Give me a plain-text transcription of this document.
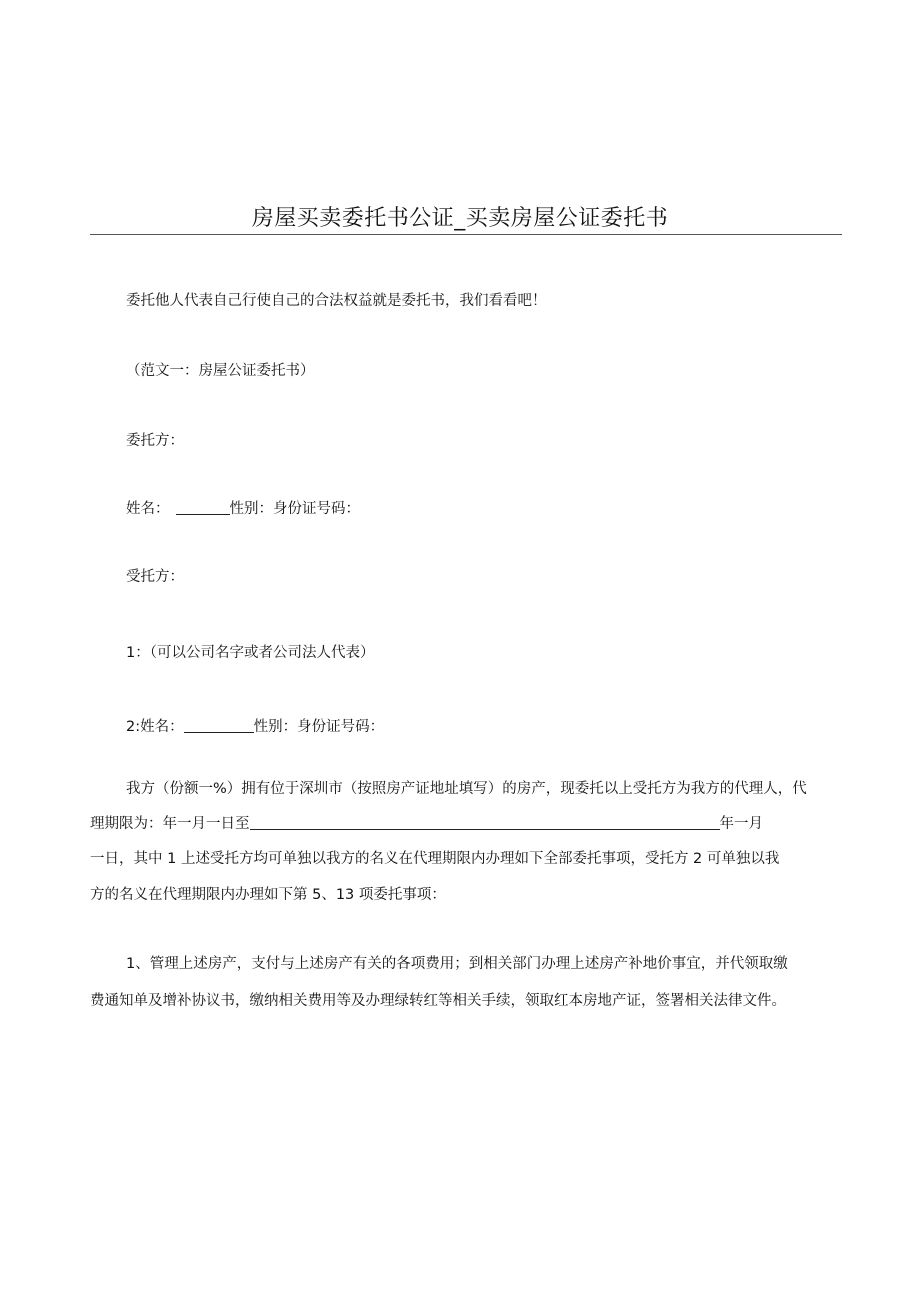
房屋买卖委托书公证_买卖房屋公证委托书
委托他人代表自己行使自己的合法权益就是委托书，我们看看吧！
（范文一：房屋公证委托书）
委托方：
姓名：	性别：身份证号码：
受托方：
1：（可以公司名字或者公司法人代表）
2:姓名：	性别：身份证号码：
我方（份额一%）拥有位于深圳市（按照房产证地址填写）的房产，现委托以上受托方为我方的代理人，代
理期限为：年一月一日至	年一月
一日，其中 1 上述受托方均可单独以我方的名义在代理期限内办理如下全部委托事项，受托方 2 可单独以我
方的名义在代理期限内办理如下第 5、13 项委托事项：
1、管理上述房产，支付与上述房产有关的各项费用；到相关部门办理上述房产补地价事宜，并代领取缴
费通知单及增补协议书，缴纳相关费用等及办理绿转红等相关手续，领取红本房地产证，签署相关法律文件。
